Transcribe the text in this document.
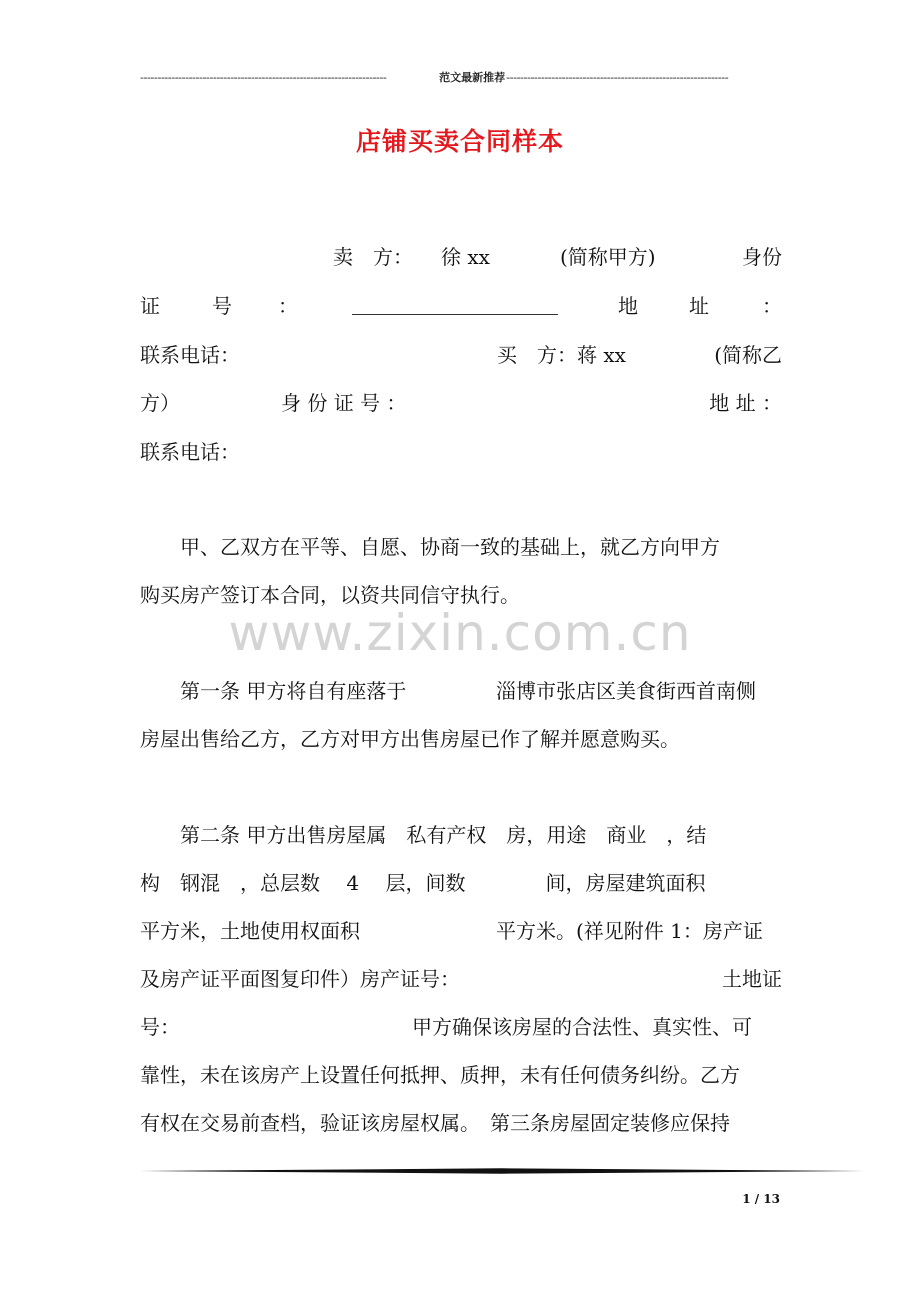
-----------------------------------------------------------------------	范文最新推荐 ----------------------------------------------------------------
店铺买卖合同样本
www.zixin.com.cn
卖　方： 徐 xx	(简称甲方)	身份
证	号 ：	地	址	：
联系电话：	买　方：蒋 xx	(简称乙
方）	身 份 证 号 ：	地 址 ：
联系电话：
　　甲、乙双方在平等、自愿、协商一致的基础上，就乙方向甲方
购买房产签订本合同，以资共同信守执行。
　　第一条 甲方将自有座落于	淄博市张店区美食街西首南侧
房屋出售给乙方，乙方对甲方出售房屋已作了解并愿意购买。
　　第二条 甲方出售房屋属　私有产权　房，用途　商业　，结
构　钢混　，总层数　 4　 层，间数　　　　间，房屋建筑面积
平方米，土地使用权面积	平方米。(祥见附件 1：房产证
及房产证平面图复印件）房产证号：	土地证
号：	甲方确保该房屋的合法性、真实性、可
靠性，未在该房产上设置任何抵押、质押，未有任何债务纠纷。乙方
有权在交易前查档，验证该房屋权属。　第三条房屋固定装修应保持
1 / 13
